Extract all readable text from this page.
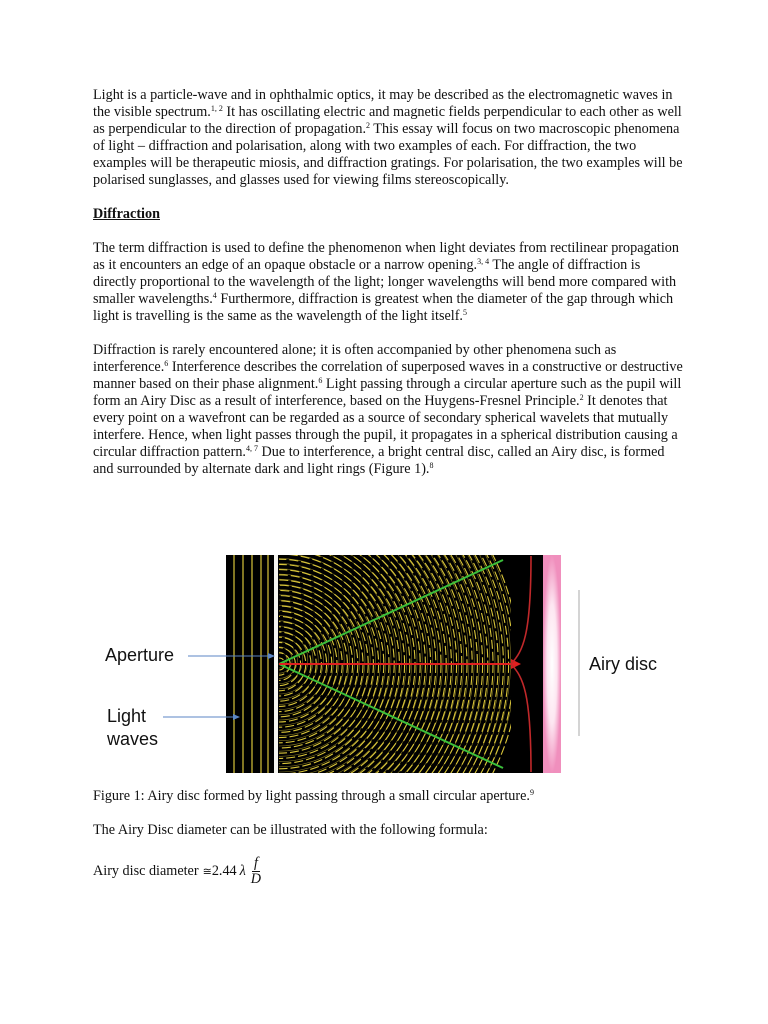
Light is a particle-wave and in ophthalmic optics, it may be described as the electromagnetic waves in the visible spectrum.$^{1, 2}$ It has oscillating electric and magnetic fields perpendicular to each other as well as perpendicular to the direction of propagation.$^2$ This essay will focus on two macroscopic phenomena of light – diffraction and polarisation, along with two examples of each. For diffraction, the two examples will be therapeutic miosis, and diffraction gratings. For polarisation, the two examples will be polarised sunglasses, and glasses used for viewing films stereoscopically.

Diffraction

The term diffraction is used to define the phenomenon when light deviates from rectilinear propagation as it encounters an edge of an opaque obstacle or a narrow opening.$^{3, 4}$ The angle of diffraction is directly proportional to the wavelength of the light; longer wavelengths will bend more compared with smaller wavelengths.$^4$ Furthermore, diffraction is greatest when the diameter of the gap through which light is travelling is the same as the wavelength of the light itself.$^5$

Diffraction is rarely encountered alone; it is often accompanied by other phenomena such as interference.$^6$ Interference describes the correlation of superposed waves in a constructive or destructive manner based on their phase alignment.$^6$ Light passing through a circular aperture such as the pupil will form an Airy Disc as a result of interference, based on the Huygens-Fresnel Principle.$^2$ It denotes that every point on a wavefront can be regarded as a source of secondary spherical wavelets that mutually interfere. Hence, when light passes through the pupil, it propagates in a spherical distribution causing a circular diffraction pattern.$^{4, 7}$ Due to interference, a bright central disc, called an Airy disc, is formed and surrounded by alternate dark and light rings (Figure 1).$^8$

Aperture
Light
waves
Airy disc
Figure 1: Airy disc formed by light passing through a small circular aperture.$^9$
The Airy Disc diameter can be illustrated with the following formula:
Airy disc diameter ≅ 2.44 λ $\frac{f}{D}$
